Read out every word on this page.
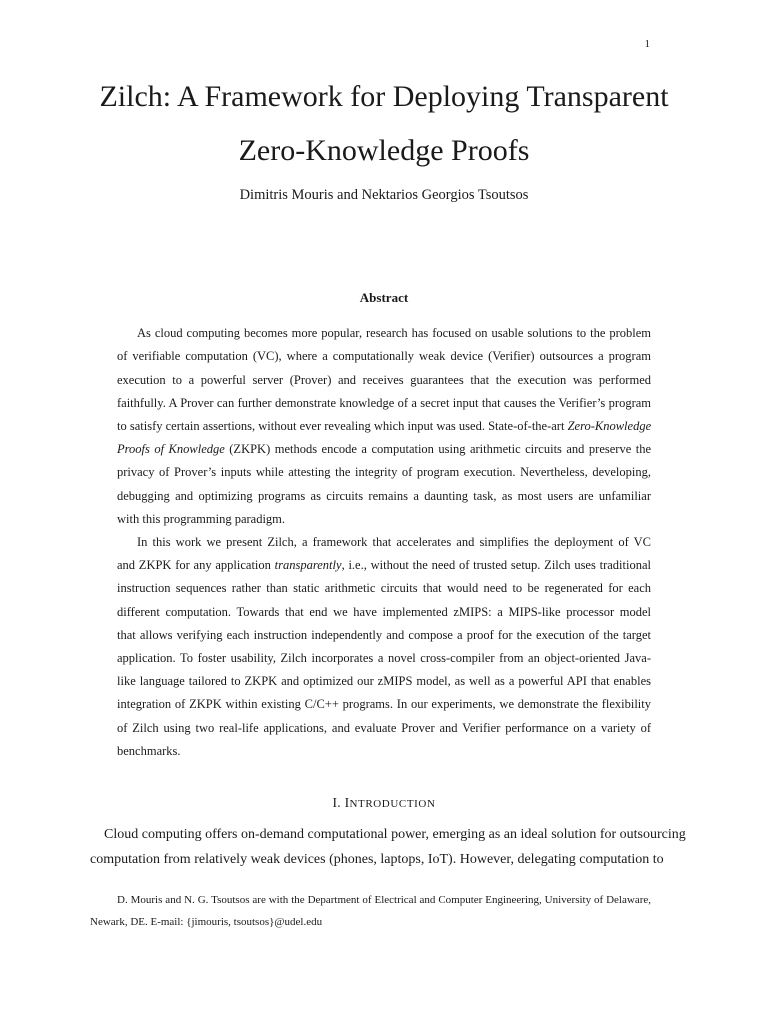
1
Zilch: A Framework for Deploying Transparent
Zero-Knowledge Proofs
Dimitris Mouris and Nektarios Georgios Tsoutsos
Abstract
As cloud computing becomes more popular, research has focused on usable solutions to the problem
of verifiable computation (VC), where a computationally weak device (Verifier) outsources a program
execution to a powerful server (Prover) and receives guarantees that the execution was performed
faithfully. A Prover can further demonstrate knowledge of a secret input that causes the Verifier’s program
to satisfy certain assertions, without ever revealing which input was used. State-of-the-art Zero-Knowledge
Proofs of Knowledge (ZKPK) methods encode a computation using arithmetic circuits and preserve the
privacy of Prover’s inputs while attesting the integrity of program execution. Nevertheless, developing,
debugging and optimizing programs as circuits remains a daunting task, as most users are unfamiliar
with this programming paradigm.
In this work we present Zilch, a framework that accelerates and simplifies the deployment of VC
and ZKPK for any application transparently, i.e., without the need of trusted setup. Zilch uses traditional
instruction sequences rather than static arithmetic circuits that would need to be regenerated for each
different computation. Towards that end we have implemented zMIPS: a MIPS-like processor model
that allows verifying each instruction independently and compose a proof for the execution of the target
application. To foster usability, Zilch incorporates a novel cross-compiler from an object-oriented Java-
like language tailored to ZKPK and optimized our zMIPS model, as well as a powerful API that enables
integration of ZKPK within existing C/C++ programs. In our experiments, we demonstrate the flexibility
of Zilch using two real-life applications, and evaluate Prover and Verifier performance on a variety of
benchmarks.
I. INTRODUCTION
Cloud computing offers on-demand computational power, emerging as an ideal solution for outsourcing
computation from relatively weak devices (phones, laptops, IoT). However, delegating computation to
D. Mouris and N. G. Tsoutsos are with the Department of Electrical and Computer Engineering, University of Delaware,
Newark, DE. E-mail: {jimouris, tsoutsos}@udel.edu
